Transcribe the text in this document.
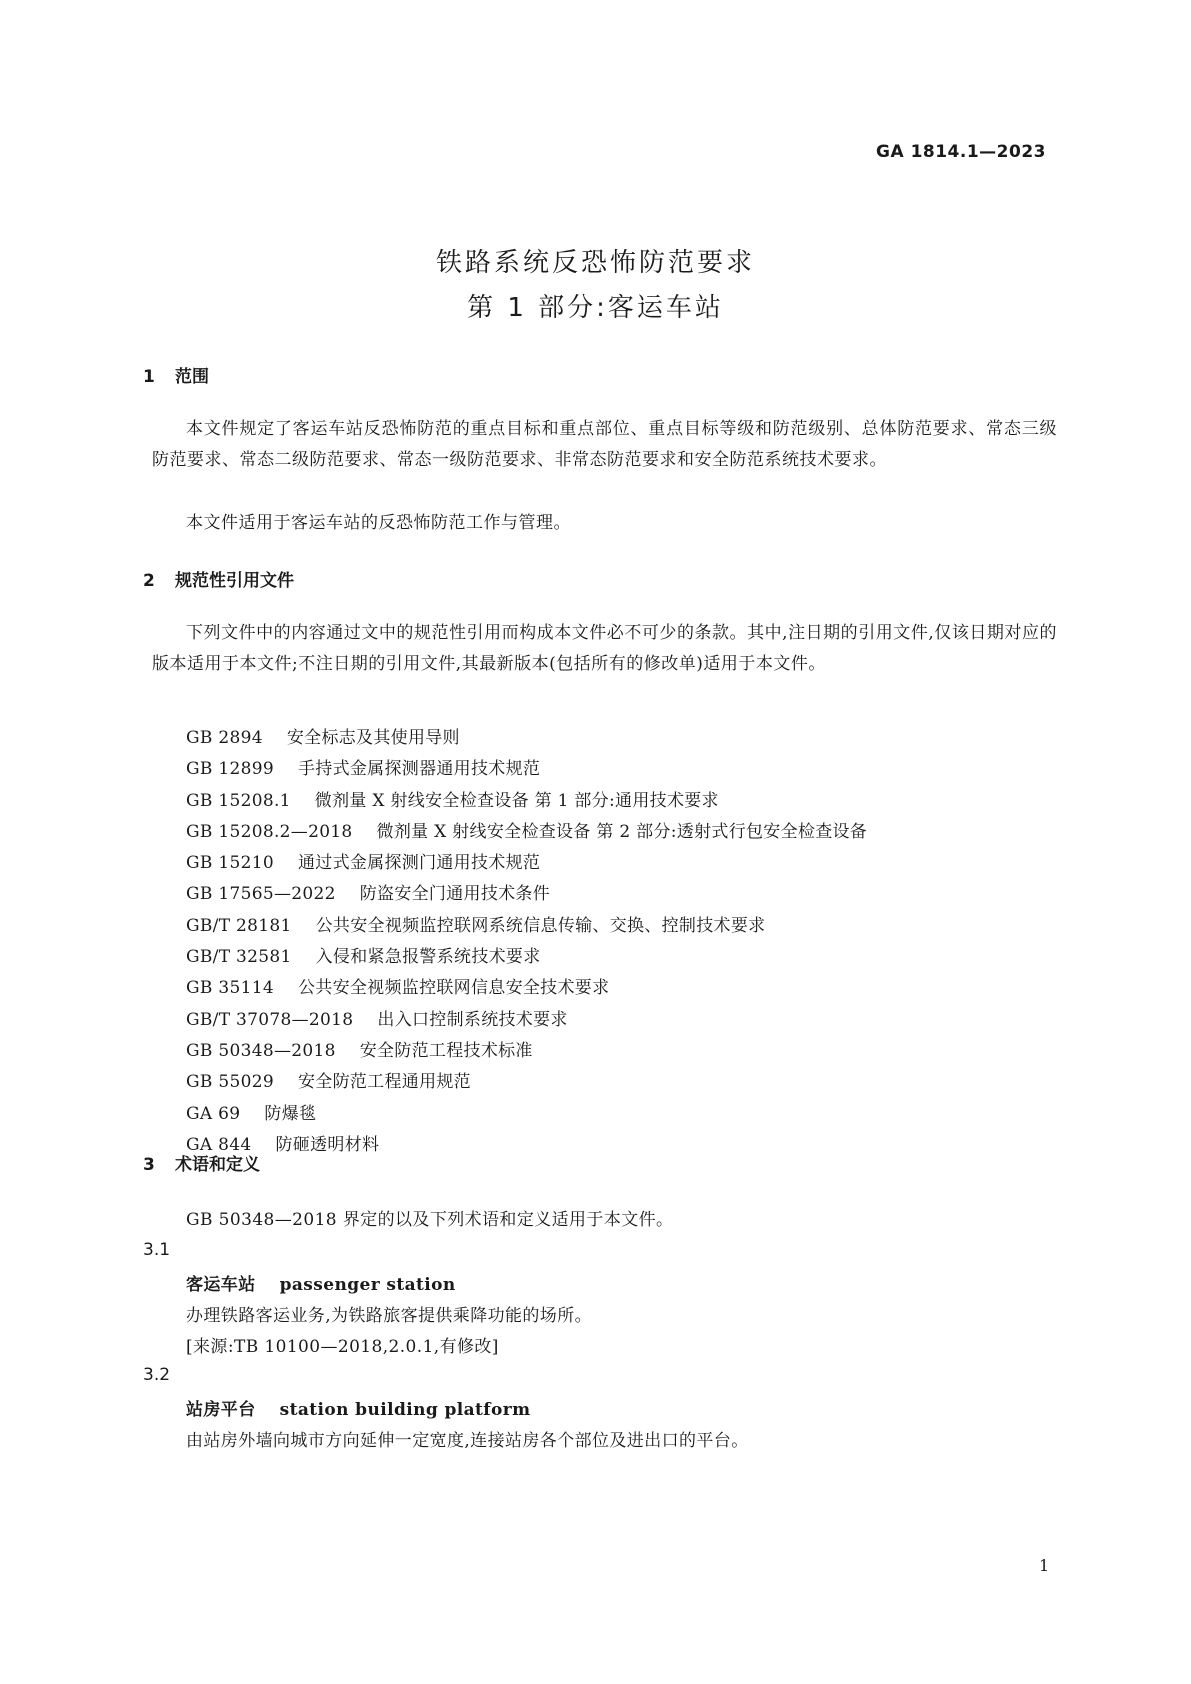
GA 1814.1—2023
铁路系统反恐怖防范要求
第 1 部分:客运车站
1 范围
本文件规定了客运车站反恐怖防范的重点目标和重点部位、重点目标等级和防范级别、总体防范要求、常态三级防范要求、常态二级防范要求、常态一级防范要求、非常态防范要求和安全防范系统技术要求。
本文件适用于客运车站的反恐怖防范工作与管理。
2 规范性引用文件
下列文件中的内容通过文中的规范性引用而构成本文件必不可少的条款。其中,注日期的引用文件,仅该日期对应的版本适用于本文件;不注日期的引用文件,其最新版本(包括所有的修改单)适用于本文件。
GB 2894 安全标志及其使用导则
GB 12899 手持式金属探测器通用技术规范
GB 15208.1 微剂量 X 射线安全检查设备 第 1 部分:通用技术要求
GB 15208.2—2018 微剂量 X 射线安全检查设备 第 2 部分:透射式行包安全检查设备
GB 15210 通过式金属探测门通用技术规范
GB 17565—2022 防盗安全门通用技术条件
GB/T 28181 公共安全视频监控联网系统信息传输、交换、控制技术要求
GB/T 32581 入侵和紧急报警系统技术要求
GB 35114 公共安全视频监控联网信息安全技术要求
GB/T 37078—2018 出入口控制系统技术要求
GB 50348—2018 安全防范工程技术标准
GB 55029 安全防范工程通用规范
GA 69 防爆毯
GA 844 防砸透明材料
3 术语和定义
GB 50348—2018 界定的以及下列术语和定义适用于本文件。
3.1
客运车站 passenger station
办理铁路客运业务,为铁路旅客提供乘降功能的场所。
[来源:TB 10100—2018,2.0.1,有修改]
3.2
站房平台 station building platform
由站房外墙向城市方向延伸一定宽度,连接站房各个部位及进出口的平台。
1
